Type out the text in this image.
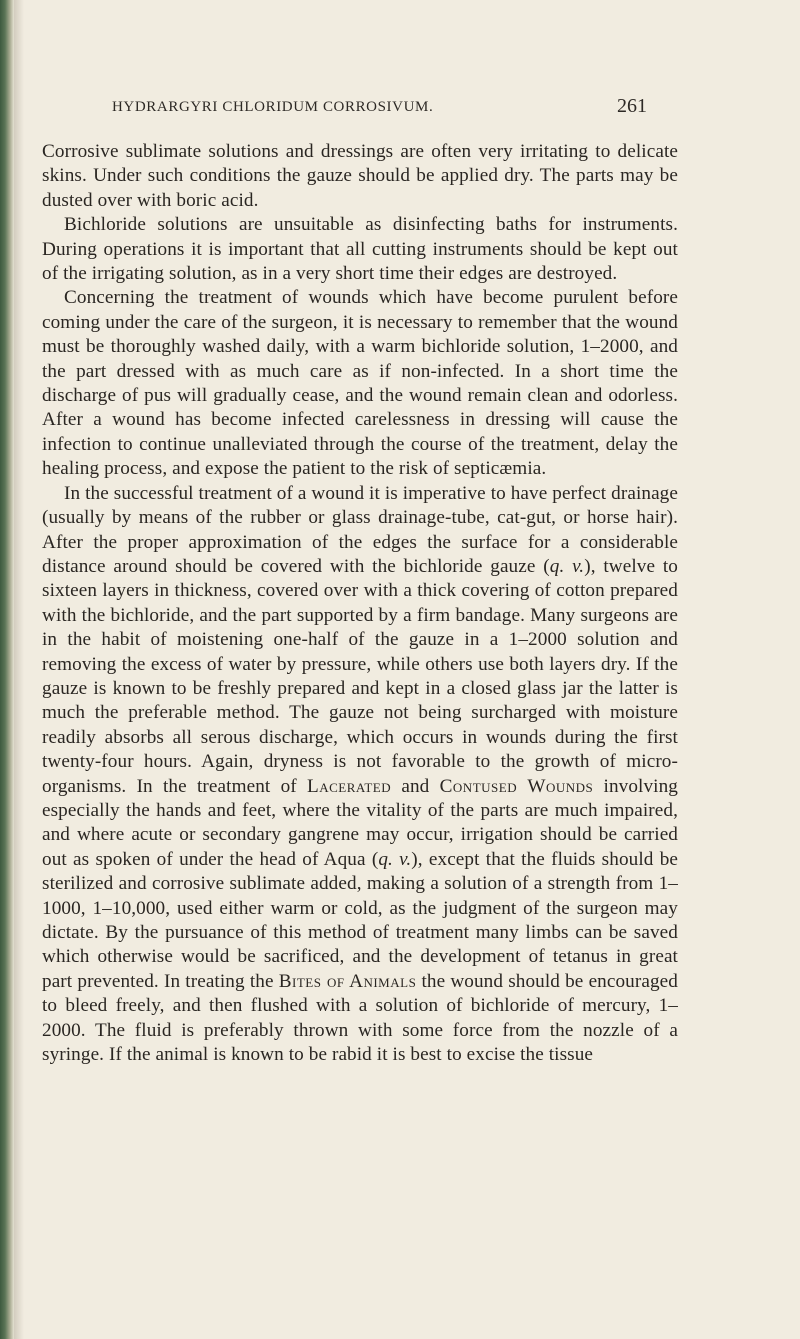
HYDRARGYRI CHLORIDUM CORROSIVUM.	261

Corrosive sublimate solutions and dressings are often very irritating to delicate skins. Under such conditions the gauze should be applied dry. The parts may be dusted over with boric acid.

Bichloride solutions are unsuitable as disinfecting baths for instruments. During operations it is important that all cutting instruments should be kept out of the irrigating solution, as in a very short time their edges are destroyed.

Concerning the treatment of wounds which have become purulent before coming under the care of the surgeon, it is necessary to remember that the wound must be thoroughly washed daily, with a warm bichloride solution, 1–2000, and the part dressed with as much care as if non-infected. In a short time the discharge of pus will gradually cease, and the wound remain clean and odorless. After a wound has become infected carelessness in dressing will cause the infection to continue unalleviated through the course of the treatment, delay the healing process, and expose the patient to the risk of septicæmia.

In the successful treatment of a wound it is imperative to have perfect drainage (usually by means of the rubber or glass drainage-tube, cat-gut, or horse hair). After the proper approximation of the edges the surface for a considerable distance around should be covered with the bichloride gauze (q. v.), twelve to sixteen layers in thickness, covered over with a thick covering of cotton prepared with the bichloride, and the part supported by a firm bandage. Many surgeons are in the habit of moistening one-half of the gauze in a 1–2000 solution and removing the excess of water by pressure, while others use both layers dry. If the gauze is known to be freshly prepared and kept in a closed glass jar the latter is much the preferable method. The gauze not being surcharged with moisture readily absorbs all serous discharge, which occurs in wounds during the first twenty-four hours. Again, dryness is not favorable to the growth of micro-organisms. In the treatment of Lacerated and Contused Wounds involving especially the hands and feet, where the vitality of the parts are much impaired, and where acute or secondary gangrene may occur, irrigation should be carried out as spoken of under the head of Aqua (q. v.), except that the fluids should be sterilized and corrosive sublimate added, making a solution of a strength from 1–1000, 1–10,000, used either warm or cold, as the judgment of the surgeon may dictate. By the pursuance of this method of treatment many limbs can be saved which otherwise would be sacrificed, and the development of tetanus in great part prevented. In treating the Bites of Animals the wound should be encouraged to bleed freely, and then flushed with a solution of bichloride of mercury, 1–2000. The fluid is preferably thrown with some force from the nozzle of a syringe. If the animal is known to be rabid it is best to excise the tissue
